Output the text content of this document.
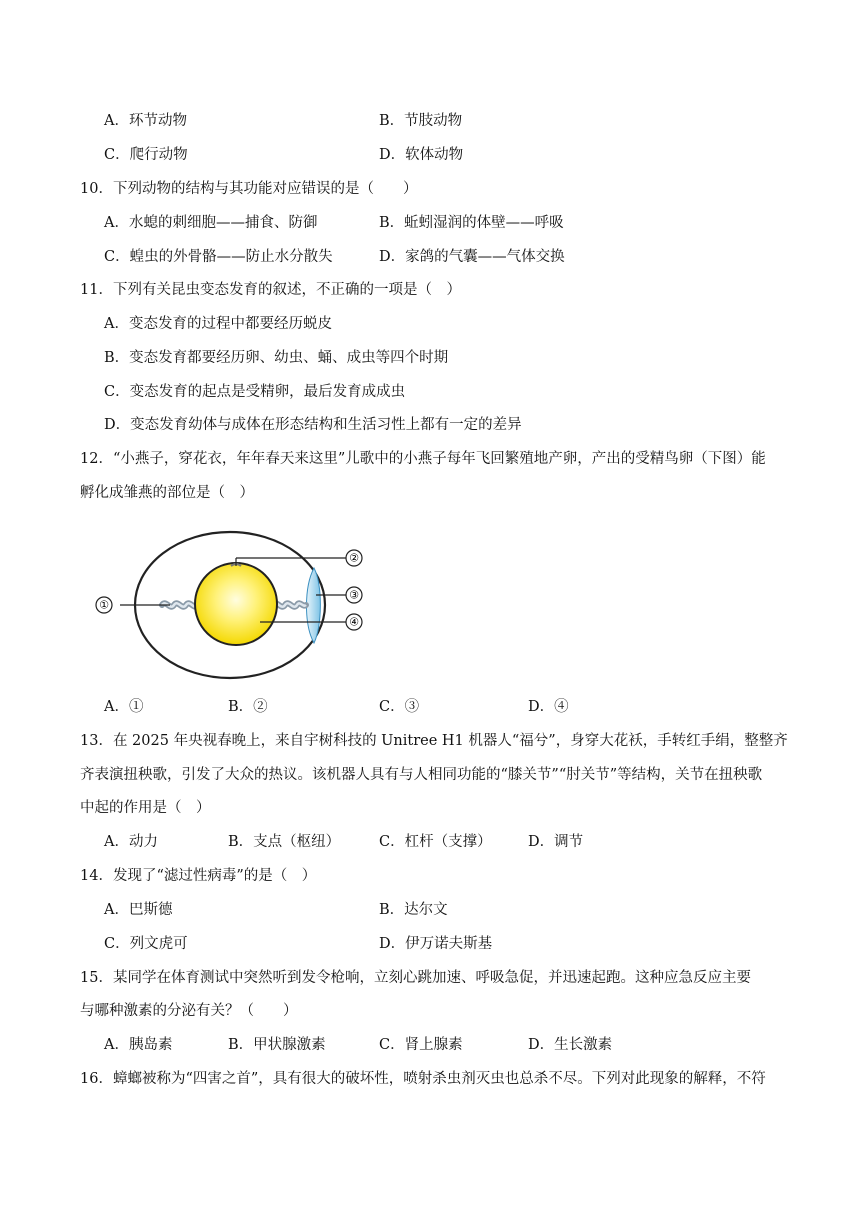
A．环节动物	B．节肢动物
C．爬行动物	D．软体动物
10．下列动物的结构与其功能对应错误的是（　　）
A．水螅的刺细胞——捕食、防御	B．蚯蚓湿润的体壁——呼吸
C．蝗虫的外骨骼——防止水分散失	D．家鸽的气囊——气体交换
11．下列有关昆虫变态发育的叙述，不正确的一项是（　）
A．变态发育的过程中都要经历蜕皮
B．变态发育都要经历卵、幼虫、蛹、成虫等四个时期
C．变态发育的起点是受精卵，最后发育成成虫
D．变态发育幼体与成体在形态结构和生活习性上都有一定的差异
12．“小燕子，穿花衣，年年春天来这里”儿歌中的小燕子每年飞回繁殖地产卵，产出的受精鸟卵（下图）能
孵化成雏燕的部位是（　）
①
②
③
④
A．①	B．②	C．③	D．④
13．在 2025 年央视春晚上，来自宇树科技的 Unitree H1 机器人“福兮”，身穿大花袄，手转红手绢，整整齐
齐表演扭秧歌，引发了大众的热议。该机器人具有与人相同功能的“膝关节”“肘关节”等结构，关节在扭秧歌
中起的作用是（　）
A．动力	B．支点（枢纽）	C．杠杆（支撑）	D．调节
14．发现了“滤过性病毒”的是（　）
A．巴斯德	B．达尔文
C．列文虎可	D．伊万诺夫斯基
15．某同学在体育测试中突然听到发令枪响，立刻心跳加速、呼吸急促，并迅速起跑。这种应急反应主要
与哪种激素的分泌有关？（　　）
A．胰岛素	B．甲状腺激素	C．肾上腺素	D．生长激素
16．蟑螂被称为“四害之首”，具有很大的破坏性，喷射杀虫剂灭虫也总杀不尽。下列对此现象的解释，不符
